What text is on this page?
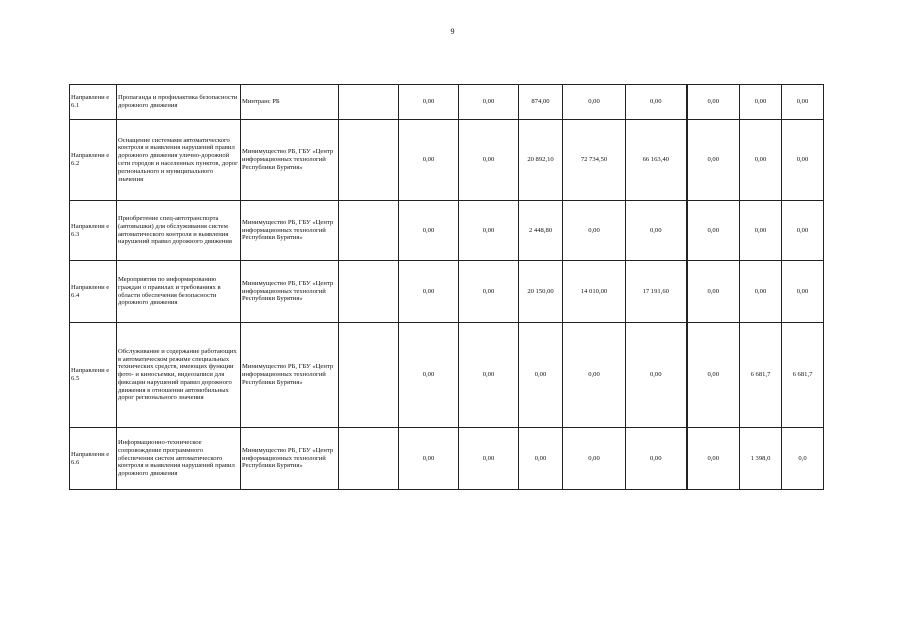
9
Направлени е 6.1	Пропаганда и профилактика безопасности дорожного движения	Минтранс РБ		0,00	0,00	874,00	0,00	0,00	0,00	0,00	0,00	
Направлени е 6.2	Оснащение системами автоматического контроля и выявления нарушений правил дорожного движения улично-дорожной сети городов и населенных пунктов, дорог регионального и муниципального значения	Минимущество РБ, ГБУ «Центр информационных технологий Республики Бурятия»		0,00	0,00	20 892,10	72 734,50	66 163,40	0,00	0,00	0,00	
Направлени е 6.3	Приобретение спец-автотранспорта (автовышки) для обслуживания систем автоматического контроля и выявления нарушений правил дорожного движения	Минимущество РБ, ГБУ «Центр информационных технологий Республики Бурятия»		0,00	0,00	2 448,80	0,00	0,00	0,00	0,00	0,00	
Направлени е 6.4	Мероприятия по информированию граждан о правилах и требованиях в области обеспечения безопасности дорожного движения	Минимущество РБ, ГБУ «Центр информационных технологий Республики Бурятия»		0,00	0,00	20 150,00	14 010,00	17 191,60	0,00	0,00	0,00	
Направлени е 6.5	Обслуживание и содержание работающих в автоматическом режиме специальных технических средств, имеющих функции фото- и киносъемки, видеозаписи для фиксации нарушений правил дорожного движения в отношении автомобильных дорог регионального значения	Минимущество РБ, ГБУ «Центр информационных технологий Республики Бурятия»		0,00	0,00	0,00	0,00	0,00	0,00	6 681,7	6 681,7	
Направлени е 6.6	Информационно-техническое сопровождение программного обеспечения систем автоматического контроля и выявления нарушений правил дорожного движения	Минимущество РБ, ГБУ «Центр информационных технологий Республики Бурятия»		0,00	0,00	0,00	0,00	0,00	0,00	1 398,0	0,0	
